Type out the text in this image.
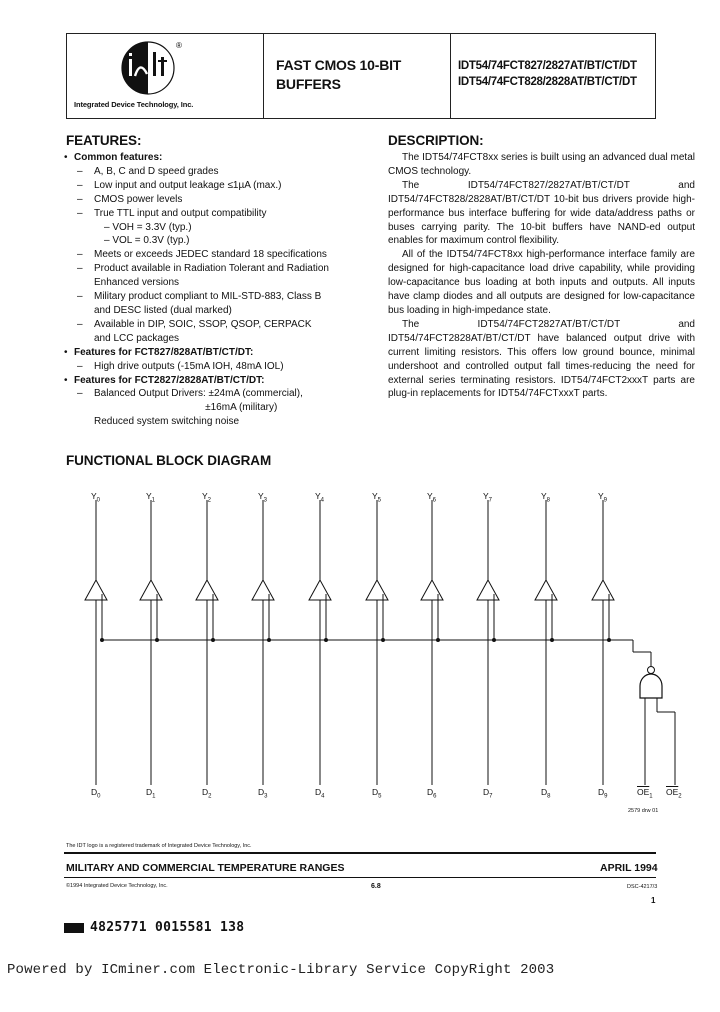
®
Integrated Device Technology, Inc.
FAST CMOS 10-BIT
BUFFERS
IDT54/74FCT827/2827AT/BT/CT/DT
IDT54/74FCT828/2828AT/BT/CT/DT
FEATURES:
• Common features:
– A, B, C and D speed grades
– Low input and output leakage ≤1µA (max.)
– CMOS power levels
– True TTL input and output compatibility
– VOH = 3.3V (typ.)
– VOL = 0.3V (typ.)
– Meets or exceeds JEDEC standard 18 specifications
– Product available in Radiation Tolerant and Radiation
Enhanced versions
– Military product compliant to MIL-STD-883, Class B
and DESC listed (dual marked)
– Available in DIP, SOIC, SSOP, QSOP, CERPACK
and LCC packages
• Features for FCT827/828AT/BT/CT/DT:
– High drive outputs (-15mA IOH, 48mA IOL)
• Features for FCT2827/2828AT/BT/CT/DT:
– Balanced Output Drivers: ±24mA (commercial),
±16mA (military)
Reduced system switching noise
DESCRIPTION:

The IDT54/74FCT8xx series is built using an advanced dual metal CMOS technology.

The IDT54/74FCT827/2827AT/BT/CT/DT and IDT54/74FCT828/2828AT/BT/CT/DT 10-bit bus drivers provide high-performance bus interface buffering for wide data/address paths or buses carrying parity. The 10-bit buffers have NAND-ed output enables for maximum control flexibility.

All of the IDT54/74FCT8xx high-performance interface family are designed for high-capacitance load drive capability, while providing low-capacitance bus loading at both inputs and outputs. All inputs have clamp diodes and all outputs are designed for low-capacitance bus loading in high-impedance state.

The IDT54/74FCT2827AT/BT/CT/DT and IDT54/74FCT2828AT/BT/CT/DT have balanced output drive with current limiting resistors. This offers low ground bounce, minimal undershoot and controlled output fall times-reducing the need for external series terminating resistors. IDT54/74FCT2xxxT parts are plug-in replacements for IDT54/74FCTxxxT parts.

FUNCTIONAL BLOCK DIAGRAM
2579 drw 01
The IDT logo is a registered trademark of Integrated Device Technology, Inc.
MILITARY AND COMMERCIAL TEMPERATURE RANGES	APRIL 1994
©1994 Integrated Device Technology, Inc.	6.8	DSC-4217/3
1
4825771 0015581 138
Powered by ICminer.com Electronic-Library Service CopyRight 2003
$Y_0$	$Y_1$	$Y_2$	$Y_3$	$Y_4$	$Y_5$	$Y_6$	$Y_7$	$Y_8$	$Y_9$
$D_0$	$D_1$	$D_2$	$D_3$	$D_4$	$D_5$	$D_6$	$D_7$	$D_8$	$D_9$	$\overline{OE}_1$ $\overline{OE}_2$
